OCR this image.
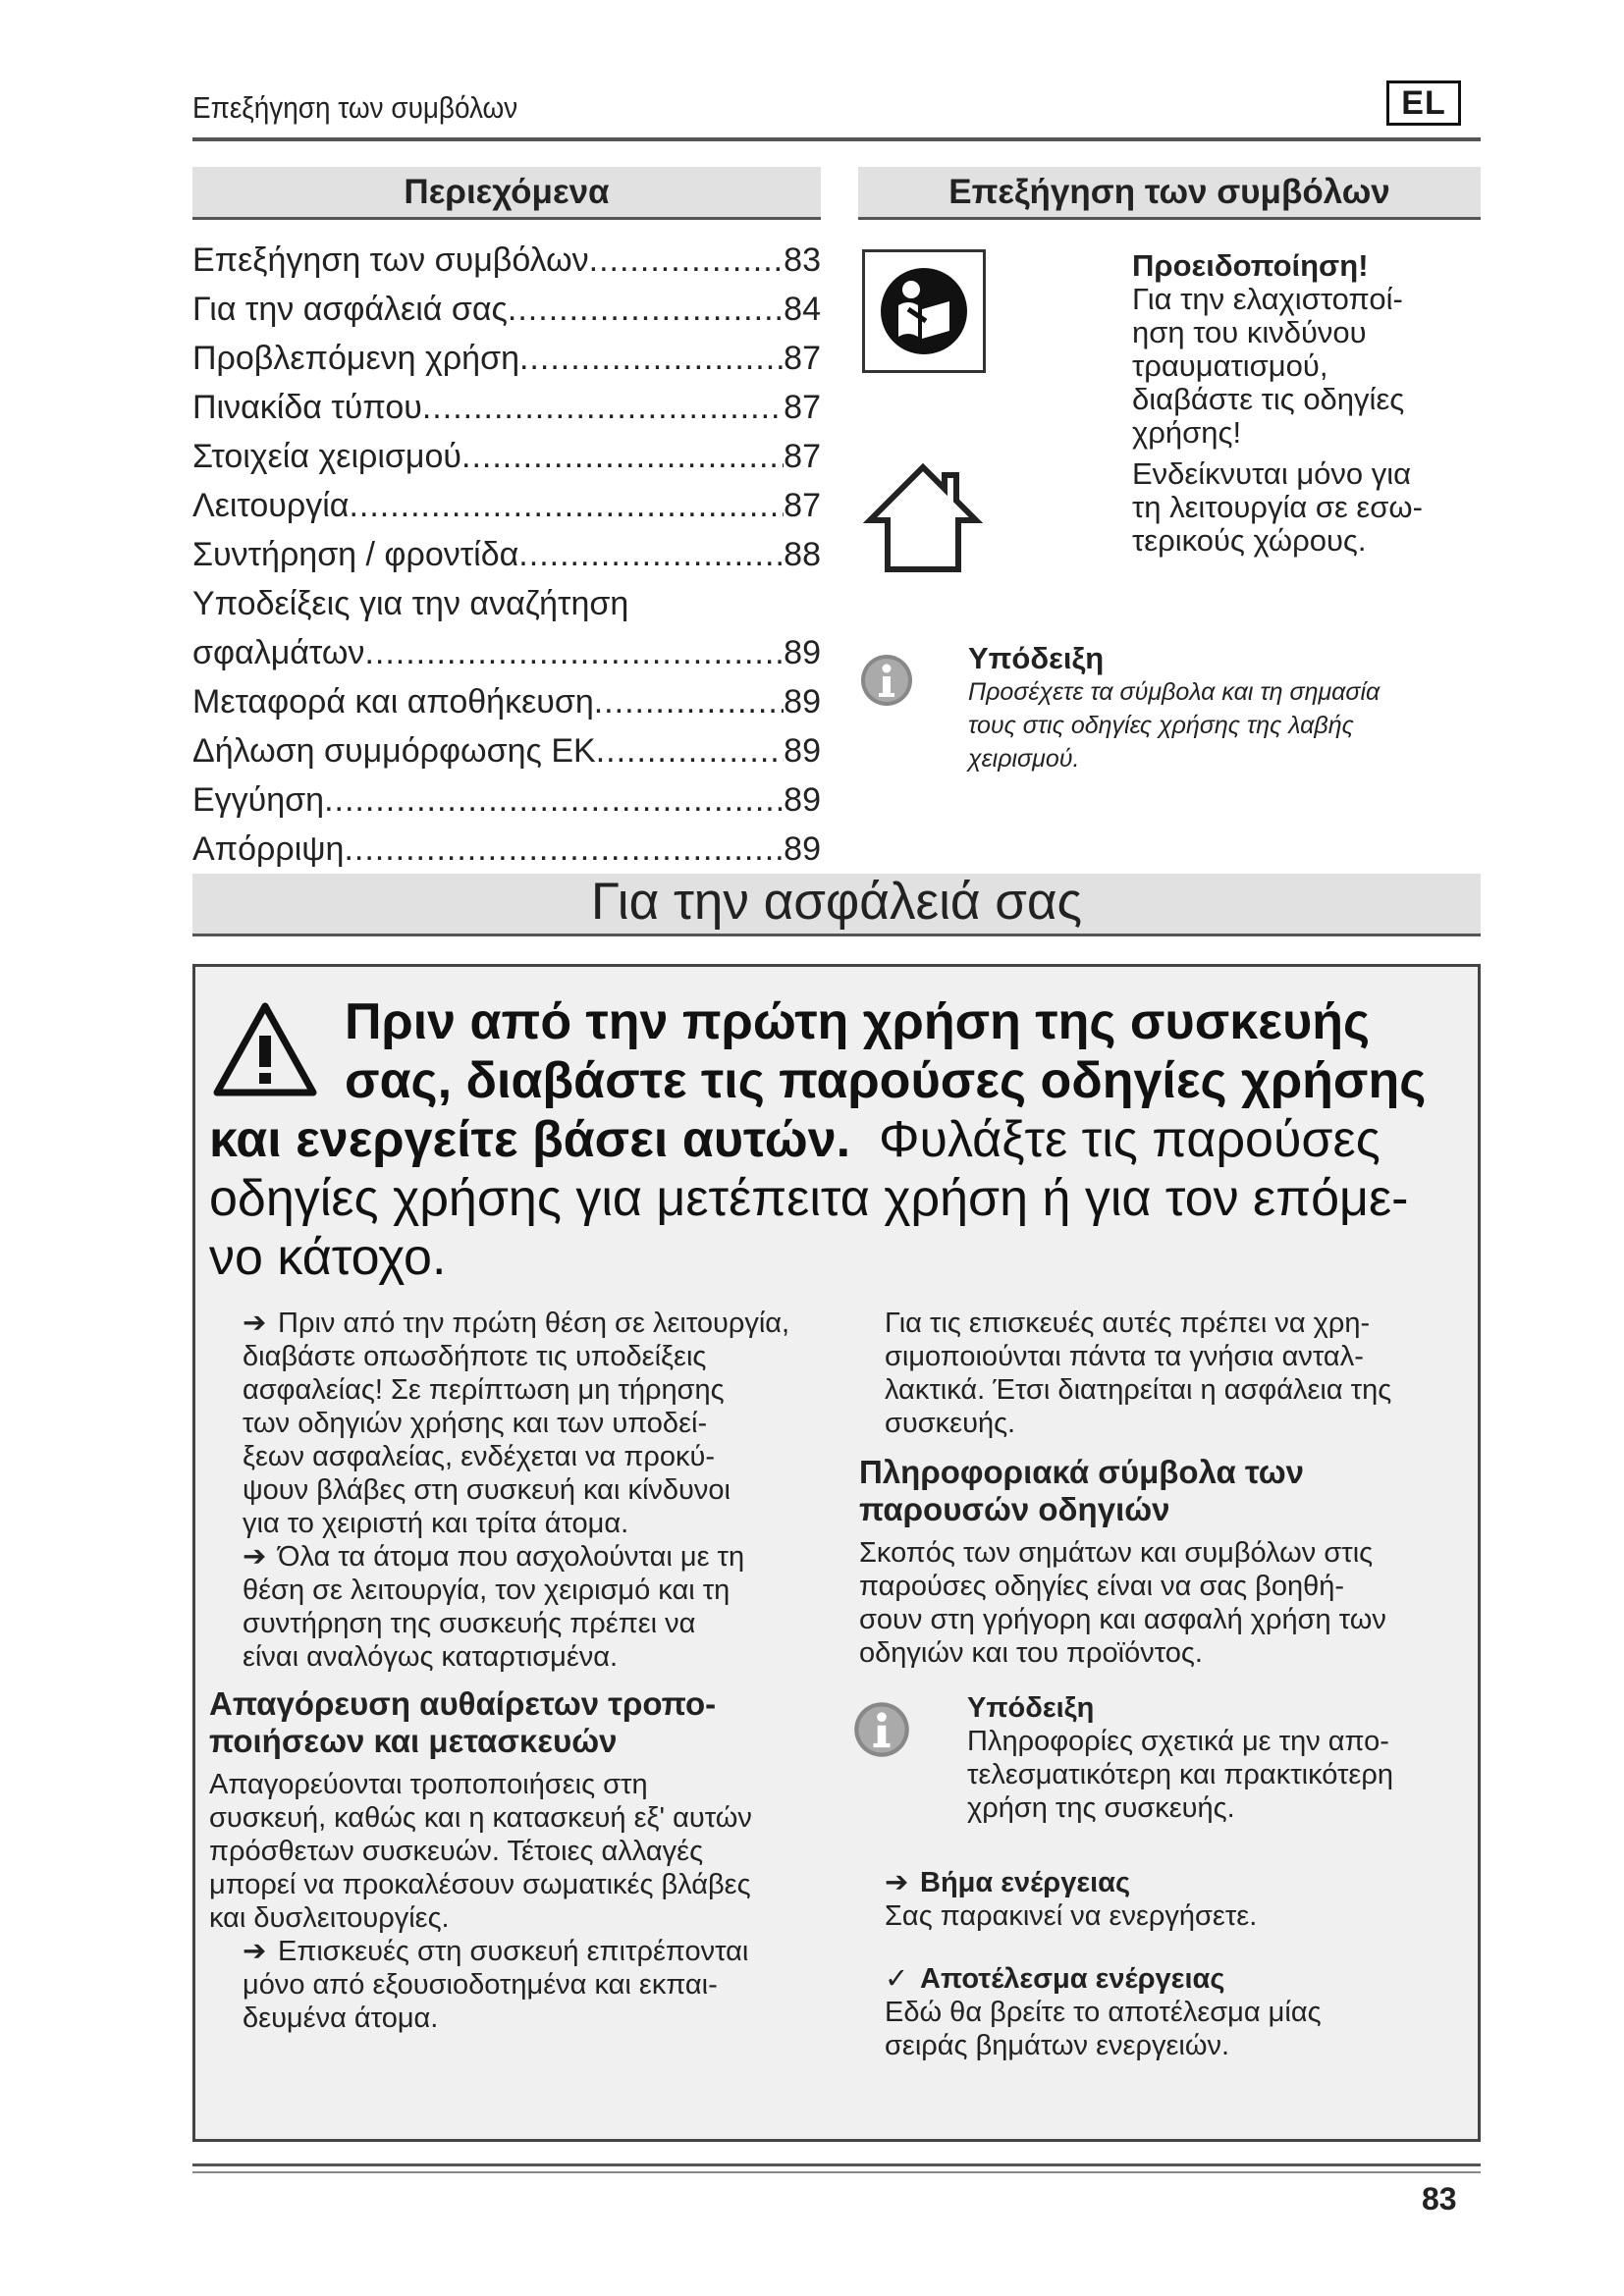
Επεξήγηση των συμβόλων	EL
Περιεχόμενα
Επεξήγηση των συμβόλων .....	83
Για την ασφάλειά σας .....	84
Προβλεπόμενη χρήση .....	87
Πινακίδα τύπου .....	87
Στοιχεία χειρισμού .....	87
Λειτουργία .....	87
Συντήρηση / φροντίδα .....	88
Υποδείξεις για την αναζήτηση
σφαλμάτων .....	89
Μεταφορά και αποθήκευση .....	89
Δήλωση συμμόρφωσης ΕΚ .....	89
Εγγύηση .....	89
Απόρριψη .....	89
Επεξήγηση των συμβόλων
Προειδοποίηση!
Για την ελαχιστοποί-
ηση του κινδύνου
τραυματισμού,
διαβάστε τις οδηγίες
χρήσης!
Ενδείκνυται μόνο για
τη λειτουργία σε εσω-
τερικούς χώρους.
Υπόδειξη
Προσέχετε τα σύμβολα και τη σημασία
τους στις οδηγίες χρήσης της λαβής
χειρισμού.
Για την ασφάλειά σας
Πριν από την πρώτη χρήση της συσκευής
σας, διαβάστε τις παρούσες οδηγίες χρήσης
και ενεργείτε βάσει αυτών. Φυλάξτε τις παρούσες
οδηγίες χρήσης για μετέπειτα χρήση ή για τον επόμε-
νο κάτοχο.
➔ Πριν από την πρώτη θέση σε λειτουργία,
διαβάστε οπωσδήποτε τις υποδείξεις
ασφαλείας! Σε περίπτωση μη τήρησης
των οδηγιών χρήσης και των υποδεί-
ξεων ασφαλείας, ενδέχεται να προκύ-
ψουν βλάβες στη συσκευή και κίνδυνοι
για το χειριστή και τρίτα άτομα.
➔ Όλα τα άτομα που ασχολούνται με τη
θέση σε λειτουργία, τον χειρισμό και τη
συντήρηση της συσκευής πρέπει να
είναι αναλόγως καταρτισμένα.
Απαγόρευση αυθαίρετων τροπο-
ποιήσεων και μετασκευών
Απαγορεύονται τροποποιήσεις στη
συσκευή, καθώς και η κατασκευή εξ' αυτών
πρόσθετων συσκευών. Τέτοιες αλλαγές
μπορεί να προκαλέσουν σωματικές βλάβες
και δυσλειτουργίες.
➔ Επισκευές στη συσκευή επιτρέπονται
μόνο από εξουσιοδοτημένα και εκπαι-
δευμένα άτομα.
Για τις επισκευές αυτές πρέπει να χρη-
σιμοποιούνται πάντα τα γνήσια ανταλ-
λακτικά. Έτσι διατηρείται η ασφάλεια της
συσκευής.
Πληροφοριακά σύμβολα των
παρουσών οδηγιών
Σκοπός των σημάτων και συμβόλων στις
παρούσες οδηγίες είναι να σας βοηθή-
σουν στη γρήγορη και ασφαλή χρήση των
οδηγιών και του προϊόντος.
Υπόδειξη
Πληροφορίες σχετικά με την απο-
τελεσματικότερη και πρακτικότερη
χρήση της συσκευής.
➔ Βήμα ενέργειας
Σας παρακινεί να ενεργήσετε.
✓ Αποτέλεσμα ενέργειας
Εδώ θα βρείτε το αποτέλεσμα μίας
σειράς βημάτων ενεργειών.
83
